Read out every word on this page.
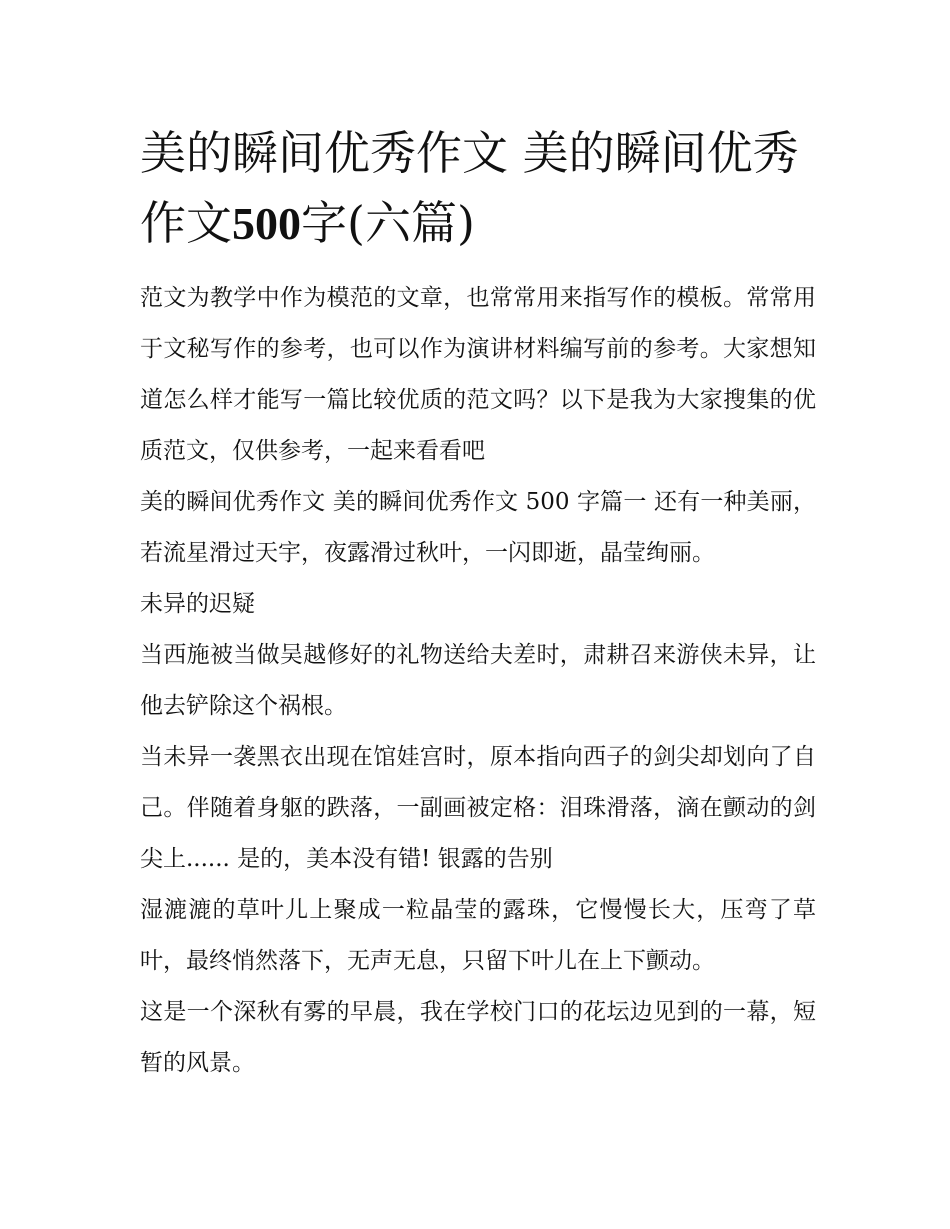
美的瞬间优秀作文 美的瞬间优秀作文500字(六篇)

范文为教学中作为模范的文章，也常常用来指写作的模板。常常用于文秘写作的参考，也可以作为演讲材料编写前的参考。大家想知道怎么样才能写一篇比较优质的范文吗？以下是我为大家搜集的优质范文，仅供参考，一起来看看吧

美的瞬间优秀作文 美的瞬间优秀作文 500 字篇一 还有一种美丽，若流星滑过天宇，夜露滑过秋叶，一闪即逝，晶莹绚丽。

未异的迟疑

当西施被当做吴越修好的礼物送给夫差时，肃耕召来游侠未异，让他去铲除这个祸根。

当未异一袭黑衣出现在馆娃宫时，原本指向西子的剑尖却划向了自己。伴随着身躯的跌落，一副画被定格：泪珠滑落，滴在颤动的剑尖上...... 是的，美本没有错! 银露的告别

湿漉漉的草叶儿上聚成一粒晶莹的露珠，它慢慢长大，压弯了草叶，最终悄然落下，无声无息，只留下叶儿在上下颤动。

这是一个深秋有雾的早晨，我在学校门口的花坛边见到的一幕，短暂的风景。
